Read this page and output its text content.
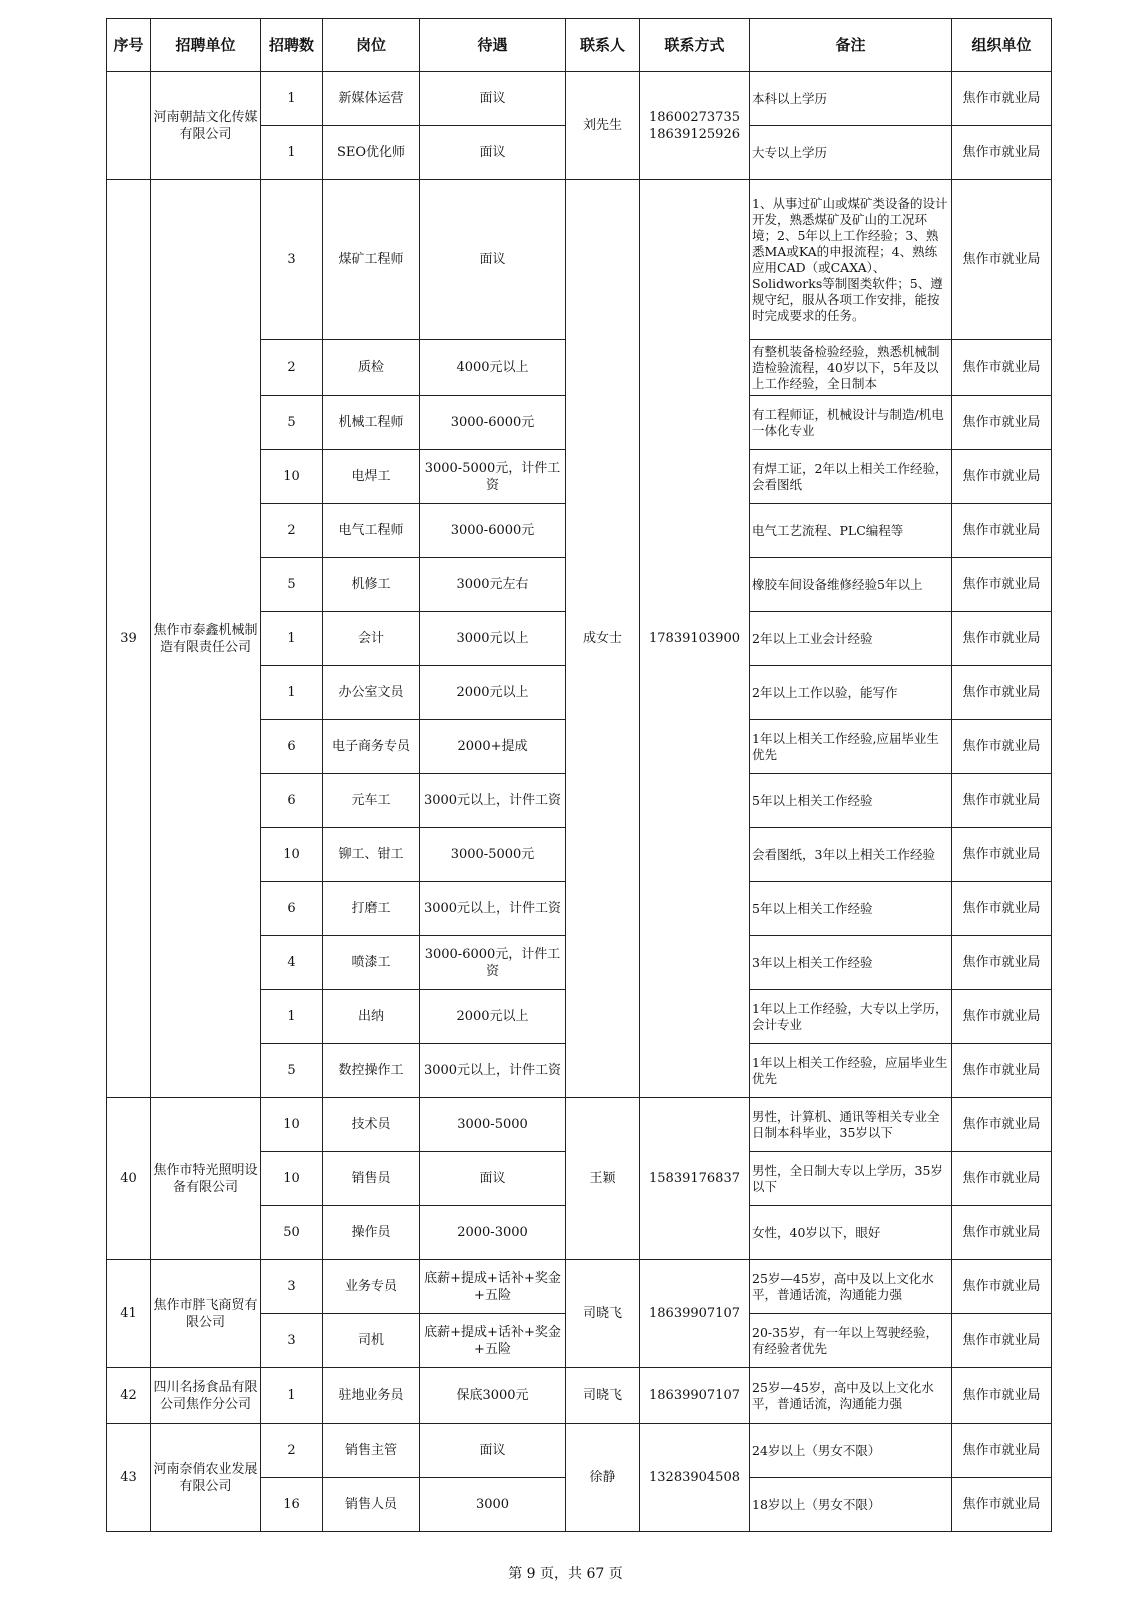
序号	招聘单位	招聘数	岗位	待遇	联系人	联系方式	备注	组织单位
	河南朝喆文化传媒有限公司	1	新媒体运营	面议	刘先生	18600273735 18639125926	本科以上学历	焦作市就业局
		1	SEO优化师	面议			大专以上学历	焦作市就业局
39	焦作市泰鑫机械制造有限责任公司	3	煤矿工程师	面议	成女士	17839103900	1、从事过矿山或煤矿类设备的设计开发，熟悉煤矿及矿山的工况环境；2、5年以上工作经验；3、熟悉MA或KA的申报流程；4、熟练应用CAD（或CAXA）、Solidworks等制图类软件；5、遵规守纪，服从各项工作安排，能按时完成要求的任务。	焦作市就业局
		2	质检	4000元以上			有整机装备检验经验，熟悉机械制造检验流程，40岁以下，5年及以上工作经验，全日制本	焦作市就业局
		5	机械工程师	3000-6000元			有工程师证，机械设计与制造/机电一体化专业	焦作市就业局
		10	电焊工	3000-5000元，计件工资			有焊工证，2年以上相关工作经验，会看图纸	焦作市就业局
		2	电气工程师	3000-6000元			电气工艺流程、PLC编程等	焦作市就业局
		5	机修工	3000元左右			橡胶车间设备维修经验5年以上	焦作市就业局
		1	会计	3000元以上			2年以上工业会计经验	焦作市就业局
		1	办公室文员	2000元以上			2年以上工作以验，能写作	焦作市就业局
		6	电子商务专员	2000+提成			1年以上相关工作经验,应届毕业生优先	焦作市就业局
		6	元车工	3000元以上，计件工资			5年以上相关工作经验	焦作市就业局
		10	铆工、钳工	3000-5000元			会看图纸，3年以上相关工作经验	焦作市就业局
		6	打磨工	3000元以上，计件工资			5年以上相关工作经验	焦作市就业局
		4	喷漆工	3000-6000元，计件工资			3年以上相关工作经验	焦作市就业局
		1	出纳	2000元以上			1年以上工作经验，大专以上学历，会计专业	焦作市就业局
		5	数控操作工	3000元以上，计件工资			1年以上相关工作经验，应届毕业生优先	焦作市就业局
40	焦作市特光照明设备有限公司	10	技术员	3000-5000	王颖	15839176837	男性，计算机、通讯等相关专业全日制本科毕业，35岁以下	焦作市就业局
		10	销售员	面议			男性，全日制大专以上学历，35岁以下	焦作市就业局
		50	操作员	2000-3000			女性，40岁以下，眼好	焦作市就业局
41	焦作市胖飞商贸有限公司	3	业务专员	底薪+提成+话补+奖金+五险	司晓飞	18639907107	25岁—45岁，高中及以上文化水平，普通话流，沟通能力强	焦作市就业局
		3	司机	底薪+提成+话补+奖金+五险			20-35岁，有一年以上驾驶经验，有经验者优先	焦作市就业局
42	四川名扬食品有限公司焦作分公司	1	驻地业务员	保底3000元	司晓飞	18639907107	25岁—45岁，高中及以上文化水平，普通话流，沟通能力强	焦作市就业局
43	河南奈俏农业发展有限公司	2	销售主管	面议	徐静	13283904508	24岁以上（男女不限）	焦作市就业局
		16	销售人员	3000			18岁以上（男女不限）	焦作市就业局
第 9 页，共 67 页
